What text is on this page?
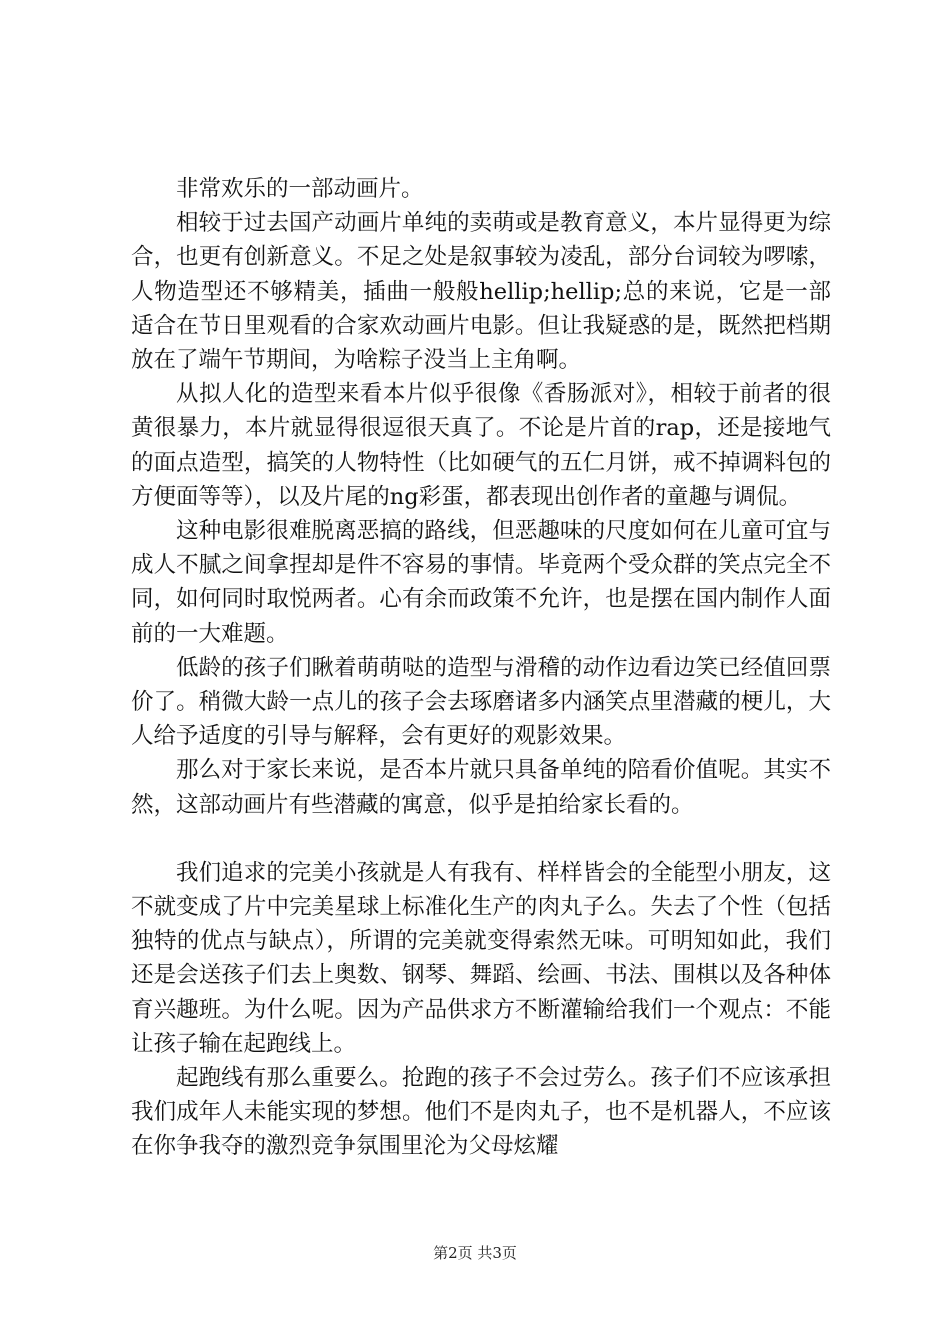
非常欢乐的一部动画片。

相较于过去国产动画片单纯的卖萌或是教育意义，本片显得更为综合，也更有创新意义。不足之处是叙事较为凌乱，部分台词较为啰嗦，人物造型还不够精美，插曲一般般hellip;hellip;总的来说，它是一部适合在节日里观看的合家欢动画片电影。但让我疑惑的是，既然把档期放在了端午节期间，为啥粽子没当上主角啊。

从拟人化的造型来看本片似乎很像《香肠派对》，相较于前者的很黄很暴力，本片就显得很逗很天真了。不论是片首的rap，还是接地气的面点造型，搞笑的人物特性（比如硬气的五仁月饼，戒不掉调料包的方便面等等），以及片尾的ng彩蛋，都表现出创作者的童趣与调侃。

这种电影很难脱离恶搞的路线，但恶趣味的尺度如何在儿童可宜与成人不腻之间拿捏却是件不容易的事情。毕竟两个受众群的笑点完全不同，如何同时取悦两者。心有余而政策不允许，也是摆在国内制作人面前的一大难题。

低龄的孩子们瞅着萌萌哒的造型与滑稽的动作边看边笑已经值回票价了。稍微大龄一点儿的孩子会去琢磨诸多内涵笑点里潜藏的梗儿，大人给予适度的引导与解释，会有更好的观影效果。

那么对于家长来说，是否本片就只具备单纯的陪看价值呢。其实不然，这部动画片有些潜藏的寓意，似乎是拍给家长看的。

我们追求的完美小孩就是人有我有、样样皆会的全能型小朋友，这不就变成了片中完美星球上标准化生产的肉丸子么。失去了个性（包括独特的优点与缺点），所谓的完美就变得索然无味。可明知如此，我们还是会送孩子们去上奥数、钢琴、舞蹈、绘画、书法、围棋以及各种体育兴趣班。为什么呢。因为产品供求方不断灌输给我们一个观点：不能让孩子输在起跑线上。

起跑线有那么重要么。抢跑的孩子不会过劳么。孩子们不应该承担我们成年人未能实现的梦想。他们不是肉丸子，也不是机器人，不应该在你争我夺的激烈竞争氛围里沦为父母炫耀

第2页 共3页
